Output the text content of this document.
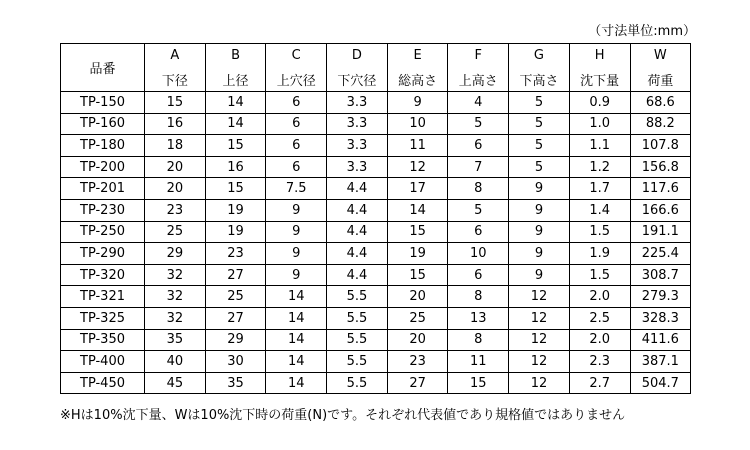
（寸法単位:mm）
品番	A	B	C	D	E	F	G	H	W
	下径	上径	上穴径	下穴径	総高さ	上高さ	下高さ	沈下量	荷重
TP-150	15	14	6	3.3	9	4	5	0.9	68.6
TP-160	16	14	6	3.3	10	5	5	1.0	88.2
TP-180	18	15	6	3.3	11	6	5	1.1	107.8
TP-200	20	16	6	3.3	12	7	5	1.2	156.8
TP-201	20	15	7.5	4.4	17	8	9	1.7	117.6
TP-230	23	19	9	4.4	14	5	9	1.4	166.6
TP-250	25	19	9	4.4	15	6	9	1.5	191.1
TP-290	29	23	9	4.4	19	10	9	1.9	225.4
TP-320	32	27	9	4.4	15	6	9	1.5	308.7
TP-321	32	25	14	5.5	20	8	12	2.0	279.3
TP-325	32	27	14	5.5	25	13	12	2.5	328.3
TP-350	35	29	14	5.5	20	8	12	2.0	411.6
TP-400	40	30	14	5.5	23	11	12	2.3	387.1
TP-450	45	35	14	5.5	27	15	12	2.7	504.7
※Hは10%沈下量、Wは10%沈下時の荷重(N)です。それぞれ代表値であり規格値ではありません
